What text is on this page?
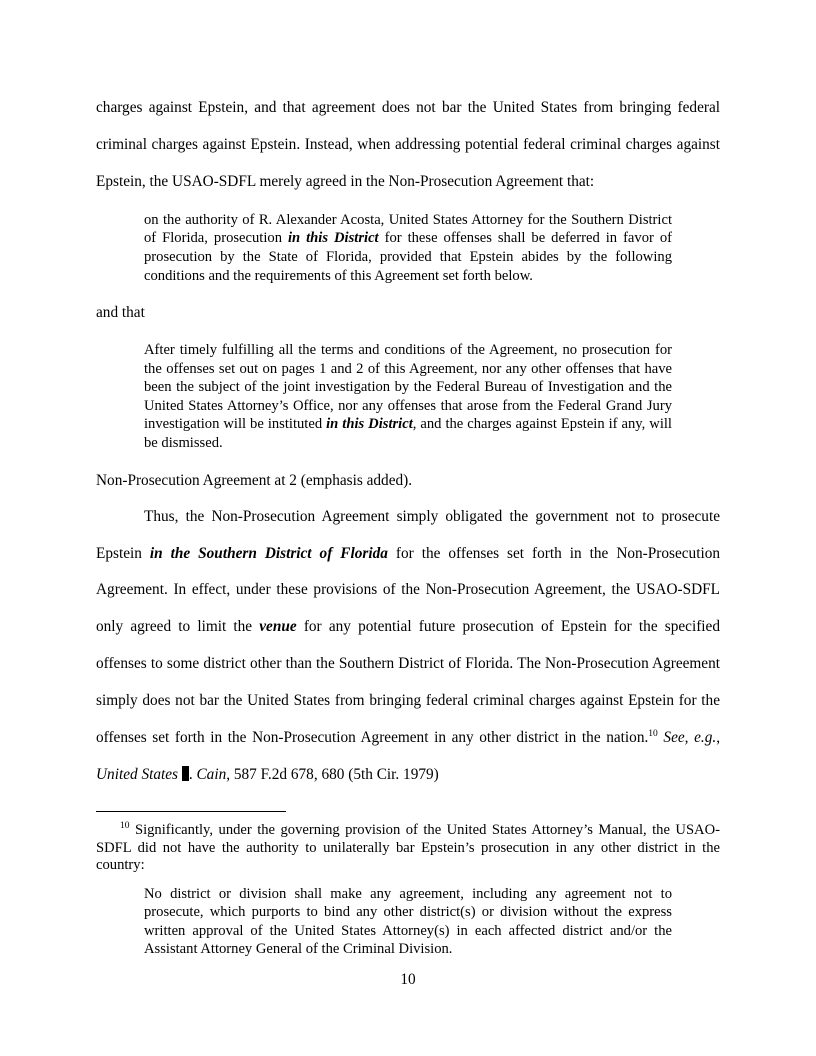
charges against Epstein, and that agreement does not bar the United States from bringing federal criminal charges against Epstein. Instead, when addressing potential federal criminal charges against Epstein, the USAO-SDFL merely agreed in the Non-Prosecution Agreement that:

on the authority of R. Alexander Acosta, United States Attorney for the Southern District of Florida, prosecution in this District for these offenses shall be deferred in favor of prosecution by the State of Florida, provided that Epstein abides by the following conditions and the requirements of this Agreement set forth below.

and that

After timely fulfilling all the terms and conditions of the Agreement, no prosecution for the offenses set out on pages 1 and 2 of this Agreement, nor any other offenses that have been the subject of the joint investigation by the Federal Bureau of Investigation and the United States Attorney’s Office, nor any offenses that arose from the Federal Grand Jury investigation will be instituted in this District, and the charges against Epstein if any, will be dismissed.

Non-Prosecution Agreement at 2 (emphasis added).

Thus, the Non-Prosecution Agreement simply obligated the government not to prosecute Epstein in the Southern District of Florida for the offenses set forth in the Non-Prosecution Agreement. In effect, under these provisions of the Non-Prosecution Agreement, the USAO-SDFL only agreed to limit the venue for any potential future prosecution of Epstein for the specified offenses to some district other than the Southern District of Florida. The Non-Prosecution Agreement simply does not bar the United States from bringing federal criminal charges against Epstein for the offenses set forth in the Non-Prosecution Agreement in any other district in the nation.$^{10}$ See, e.g., United States . Cain, 587 F.2d 678, 680 (5th Cir. 1979)

$^{10}$ Significantly, under the governing provision of the United States Attorney’s Manual, the USAO-SDFL did not have the authority to unilaterally bar Epstein’s prosecution in any other district in the country:

No district or division shall make any agreement, including any agreement not to prosecute, which purports to bind any other district(s) or division without the express written approval of the United States Attorney(s) in each affected district and/or the Assistant Attorney General of the Criminal Division.

10
